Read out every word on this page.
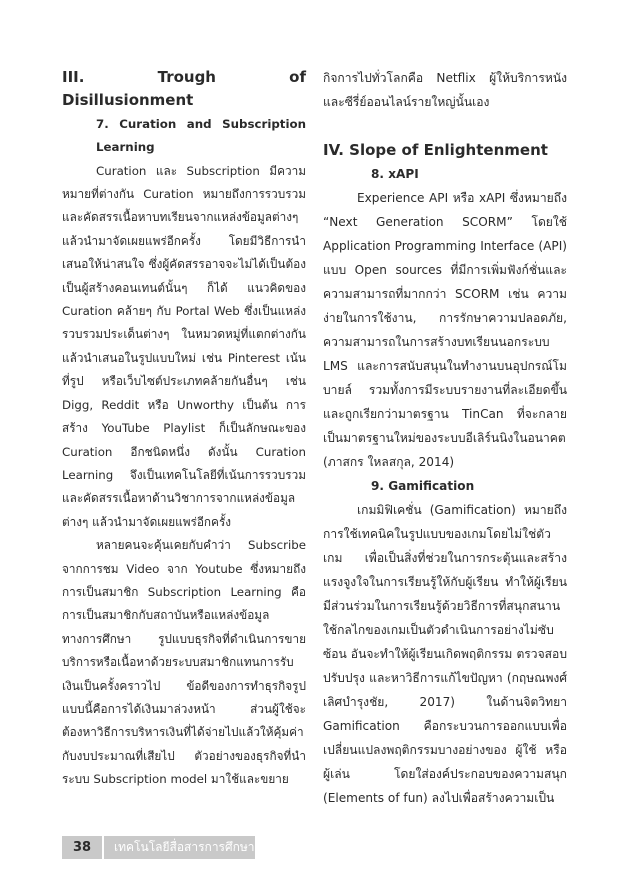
III. Trough of Disillusionment

7. Curation and Subscription Learning

Curation และ Subscription มีความหมายที่ต่างกัน Curation หมายถึงการรวบรวมและคัดสรรเนื้อหาบทเรียนจากแหล่งข้อมูลต่างๆ แล้วนำมาจัดเผยแพร่อีกครั้ง โดยมีวิธีการนำเสนอให้น่าสนใจ ซึ่งผู้คัดสรรอาจจะไม่ได้เป็นต้องเป็นผู้สร้างคอนเทนต์นั้นๆ ก็ได้ แนวคิดของ Curation คล้ายๆ กับ Portal Web ซึ่งเป็นแหล่งรวบรวมประเด็นต่างๆ ในหมวดหมู่ที่แตกต่างกัน แล้วนำเสนอในรูปแบบใหม่ เช่น Pinterest เน้นที่รูป หรือเว็บไซต์ประเภทคล้ายกันอื่นๆ เช่น Digg, Reddit หรือ Unworthy เป็นต้น การสร้าง YouTube Playlist ก็เป็นลักษณะของ Curation อีกชนิดหนึ่ง ดังนั้น Curation Learning จึงเป็นเทคโนโลยีที่เน้นการรวบรวมและคัดสรรเนื้อหาด้านวิชาการจากแหล่งข้อมูลต่างๆ แล้วนำมาจัดเผยแพร่อีกครั้ง

หลายคนจะคุ้นเคยกับคำว่า Subscribe จากการชม Video จาก Youtube ซึ่งหมายถึงการเป็นสมาชิก Subscription Learning คือการเป็นสมาชิกกับสถาบันหรือแหล่งข้อมูลทางการศึกษา รูปแบบธุรกิจที่ดำเนินการขายบริการหรือเนื้อหาด้วยระบบสมาชิกแทนการรับเงินเป็นครั้งคราวไป ข้อดีของการทำธุรกิจรูปแบบนี้คือการได้เงินมาล่วงหน้า ส่วนผู้ใช้จะต้องหาวิธีการบริหารเงินที่ได้จ่ายไปแล้วให้คุ้มค่ากับงบประมาณที่เสียไป ตัวอย่างของธุรกิจที่นำระบบ Subscription model มาใช้และขยาย

กิจการไปทั่วโลกคือ Netflix ผู้ให้บริการหนังและซีรี่ย์ออนไลน์รายใหญ่นั้นเอง

IV. Slope of Enlightenment

8. xAPI

Experience API หรือ xAPI ซึ่งหมายถึง “Next Generation SCORM” โดยใช้ Application Programming Interface (API) แบบ Open sources ที่มีการเพิ่มฟังก์ชั่นและความสามารถที่มากกว่า SCORM เช่น ความง่ายในการใช้งาน, การรักษาความปลอดภัย, ความสามารถในการสร้างบทเรียนนอกระบบ LMS และการสนับสนุนในทำงานบนอุปกรณ์โมบายล์ รวมทั้งการมีระบบรายงานที่ละเอียดขึ้น และถูกเรียกว่ามาตรฐาน TinCan ที่จะกลายเป็นมาตรฐานใหม่ของระบบอีเลิร์นนิงในอนาคต (ภาสกร ใหลสกุล, 2014)

9. Gamification

เกมมิฟิเคชั่น (Gamification) หมายถึง การใช้เทคนิคในรูปแบบของเกมโดยไม่ใช่ตัวเกม เพื่อเป็นสิ่งที่ช่วยในการกระตุ้นและสร้างแรงจูงใจในการเรียนรู้ให้กับผู้เรียน ทำให้ผู้เรียนมีส่วนร่วมในการเรียนรู้ด้วยวิธีการที่สนุกสนาน ใช้กลไกของเกมเป็นตัวดำเนินการอย่างไม่ซับซ้อน อันจะทำให้ผู้เรียนเกิดพฤติกรรม ตรวจสอบ ปรับปรุง และหาวิธีการแก้ไขปัญหา (กฤษณพงศ์ เลิศบำรุงชัย, 2017) ในด้านจิตวิทยา Gamification คือกระบวนการออกแบบเพื่อเปลี่ยนแปลงพฤติกรรมบางอย่างของ ผู้ใช้ หรือ ผู้เล่น โดยใส่องค์ประกอบของความสนุก (Elements of fun) ลงไปเพื่อสร้างความเป็น

38	เทคโนโลยีสื่อสารการศึกษา
